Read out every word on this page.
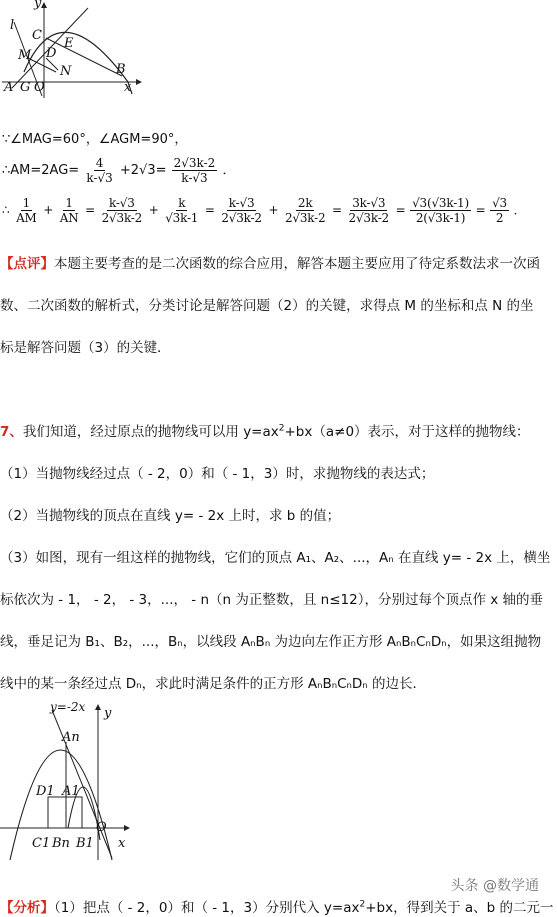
y
l
C
E
M D
N	B
A G O	x
∵∠MAG=60°，∠AGM=90°，
∴AM=2AG= $\frac{4}{k-√3} +2√3= \frac{2√3k-2}{k-√3}$ ．
∴ $\frac{1}{AM} + \frac{1}{AN} = \frac{k-√3}{2√3k-2} + \frac{k}{√3k-1} = \frac{k-√3}{2√3k-2} + \frac{2k}{2√3k-2} = \frac{3k-√3}{2√3k-2} = \frac{√3(√3k-1)}{2(√3k-1)} = \frac{√3}{2}$ ．
【点评】本题主要考查的是二次函数的综合应用，解答本题主要应用了待定系数法求一次函
数、二次函数的解析式，分类讨论是解答问题（2）的关键，求得点 M 的坐标和点 N 的坐
标是解答问题（3）的关键．
7、我们知道，经过原点的抛物线可以用 $y=ax^2+bx(a\ne 0)$表示，对于这样的抛物线：
（1）当抛物线经过点（ - 2，0）和（ - 1，3）时，求抛物线的表达式；
（2）当抛物线的顶点在直线 y= - 2x 上时，求 b 的值；
（3）如图，现有一组这样的抛物线，它们的顶点 A₁、A₂、...，Aₙ 在直线 y= - 2x 上，横坐
标依次为 - 1， - 2， - 3，...， - n（n 为正整数，且 n≤12），分别过每个顶点作 x 轴的垂
线，垂足记为 B₁、B₂，...，Bₙ，以线段 AₙBₙ 为边向左作正方形 AₙBₙCₙDₙ，如果这组抛物
线中的某一条经过点 Dₙ，求此时满足条件的正方形 AₙBₙCₙDₙ 的边长．
y=-2x y
An
D1 A1
O
C1 Bn B1 x
【分析】（1）把点（ - 2，0）和（ - 1，3）分别代入 $y=ax^2+bx$，得到关于 a、b 的二元一
头条 @数学通
